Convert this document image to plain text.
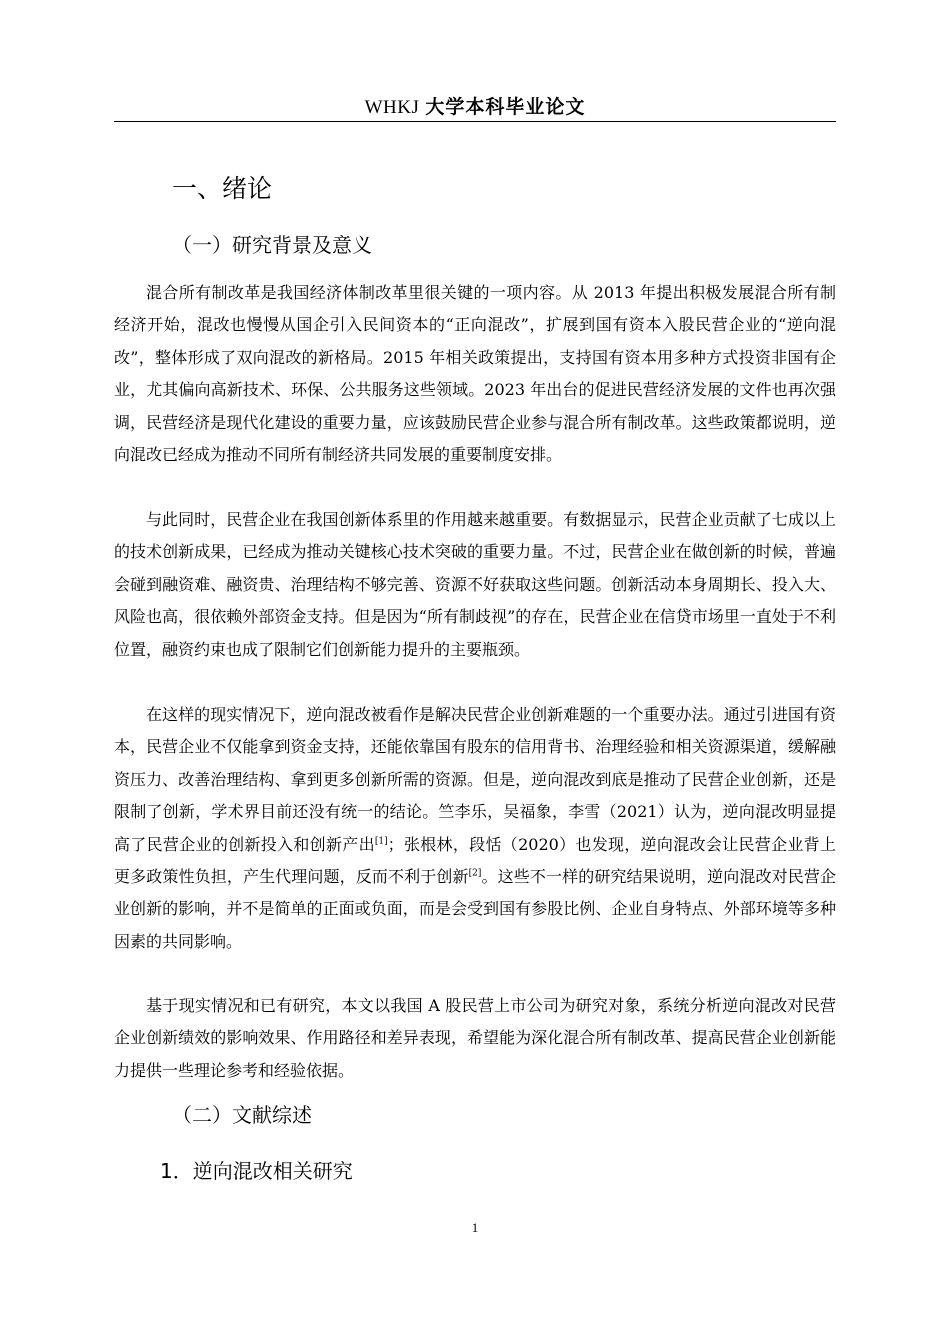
WHKJ 大学本科毕业论文
一、绪论
（一）研究背景及意义
混合所有制改革是我国经济体制改革里很关键的一项内容。从 2013 年提出积极发展混合所有制经济开始，混改也慢慢从国企引入民间资本的“正向混改”，扩展到国有资本入股民营企业的“逆向混改”，整体形成了双向混改的新格局。2015 年相关政策提出，支持国有资本用多种方式投资非国有企业，尤其偏向高新技术、环保、公共服务这些领域。2023 年出台的促进民营经济发展的文件也再次强调，民营经济是现代化建设的重要力量，应该鼓励民营企业参与混合所有制改革。这些政策都说明，逆向混改已经成为推动不同所有制经济共同发展的重要制度安排。
与此同时，民营企业在我国创新体系里的作用越来越重要。有数据显示，民营企业贡献了七成以上的技术创新成果，已经成为推动关键核心技术突破的重要力量。不过，民营企业在做创新的时候，普遍会碰到融资难、融资贵、治理结构不够完善、资源不好获取这些问题。创新活动本身周期长、投入大、风险也高，很依赖外部资金支持。但是因为“所有制歧视”的存在，民营企业在信贷市场里一直处于不利位置，融资约束也成了限制它们创新能力提升的主要瓶颈。
在这样的现实情况下，逆向混改被看作是解决民营企业创新难题的一个重要办法。通过引进国有资本，民营企业不仅能拿到资金支持，还能依靠国有股东的信用背书、治理经验和相关资源渠道，缓解融资压力、改善治理结构、拿到更多创新所需的资源。但是，逆向混改到底是推动了民营企业创新，还是限制了创新，学术界目前还没有统一的结论。竺李乐，吴福象，李雪（2021）认为，逆向混改明显提高了民营企业的创新投入和创新产出[1]；张根林，段恬（2020）也发现，逆向混改会让民营企业背上更多政策性负担，产生代理问题，反而不利于创新[2]。这些不一样的研究结果说明，逆向混改对民营企业创新的影响，并不是简单的正面或负面，而是会受到国有参股比例、企业自身特点、外部环境等多种因素的共同影响。
基于现实情况和已有研究，本文以我国 A 股民营上市公司为研究对象，系统分析逆向混改对民营企业创新绩效的影响效果、作用路径和差异表现，希望能为深化混合所有制改革、提高民营企业创新能力提供一些理论参考和经验依据。
（二）文献综述
1．逆向混改相关研究
1
